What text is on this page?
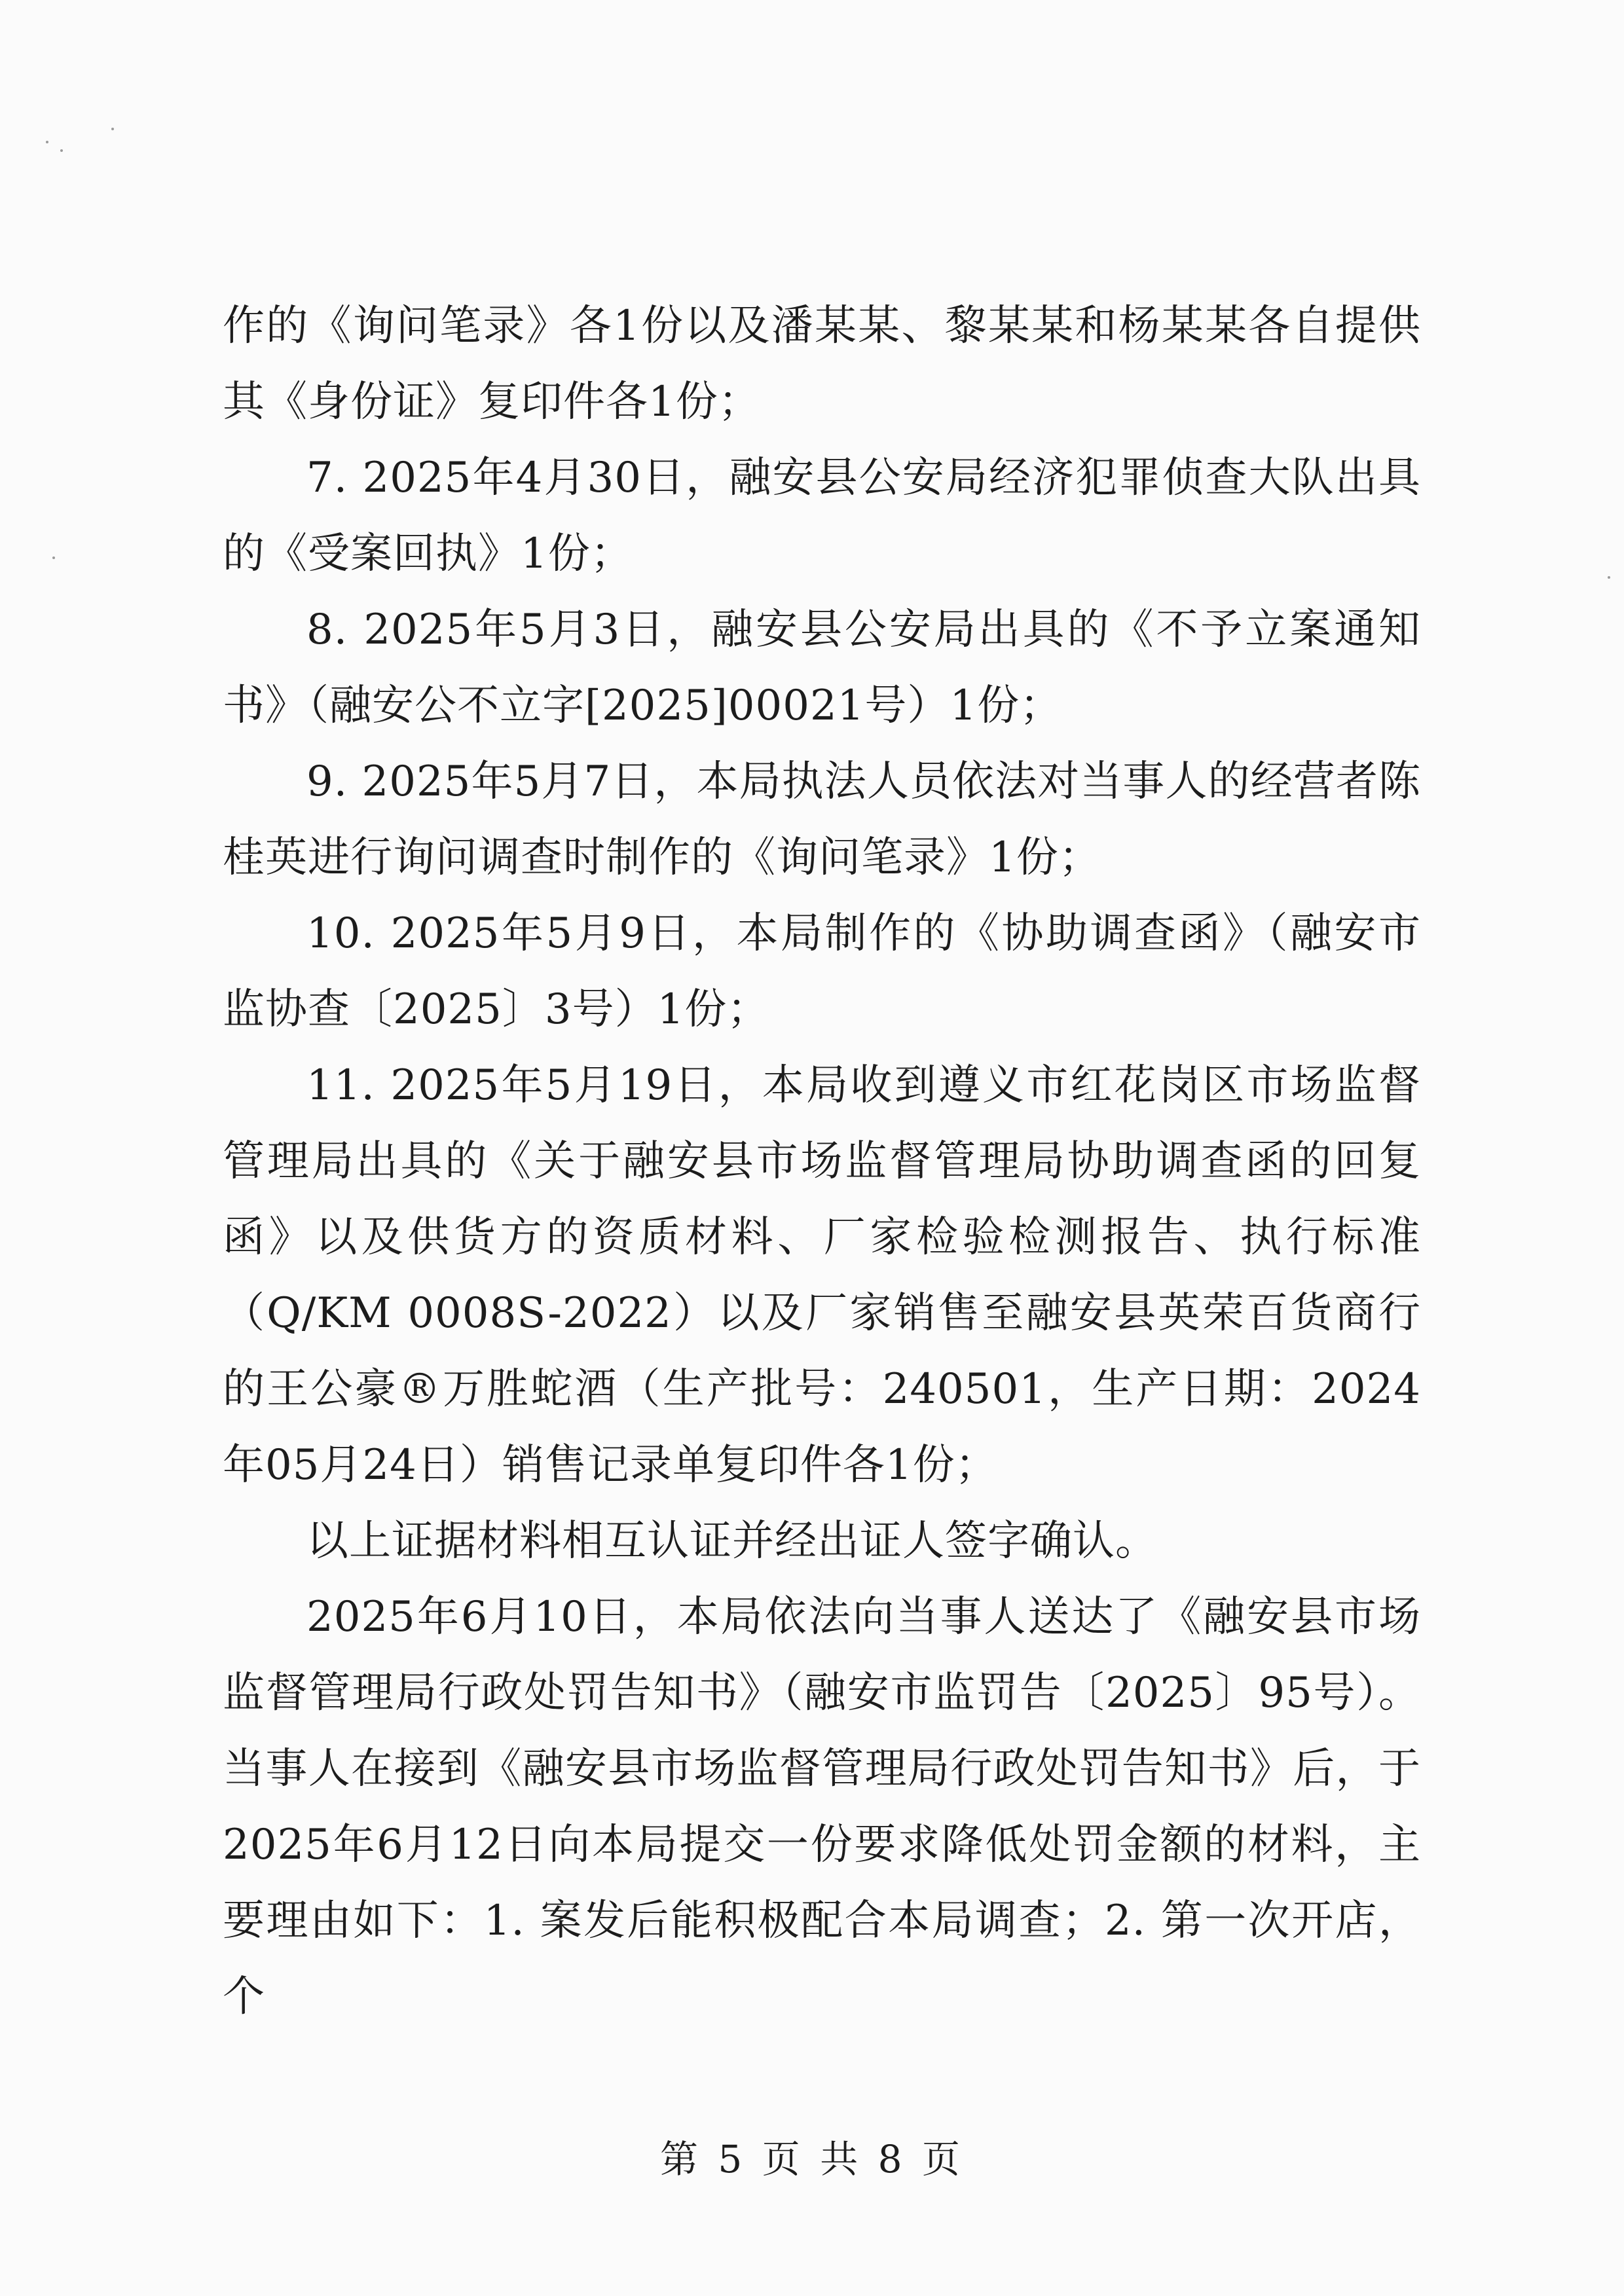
作的《询问笔录》各1份以及潘某某、黎某某和杨某某各自提供其《身份证》复印件各1份；

7. 2025年4月30日，融安县公安局经济犯罪侦查大队出具的《受案回执》1份；

8. 2025年5月3日，融安县公安局出具的《不予立案通知书》（融安公不立字[2025]00021号）1份；

9. 2025年5月7日，本局执法人员依法对当事人的经营者陈桂英进行询问调查时制作的《询问笔录》1份；

10. 2025年5月9日，本局制作的《协助调查函》（融安市监协查〔2025〕3号）1份；

11. 2025年5月19日，本局收到遵义市红花岗区市场监督管理局出具的《关于融安县市场监督管理局协助调查函的回复函》以及供货方的资质材料、厂家检验检测报告、执行标准（Q/KM 0008S-2022）以及厂家销售至融安县英荣百货商行的王公豪®万胜蛇酒（生产批号：240501，生产日期：2024年05月24日）销售记录单复印件各1份；

以上证据材料相互认证并经出证人签字确认。

2025年6月10日，本局依法向当事人送达了《融安县市场监督管理局行政处罚告知书》（融安市监罚告〔2025〕95号）。当事人在接到《融安县市场监督管理局行政处罚告知书》后，于2025年6月12日向本局提交一份要求降低处罚金额的材料，主要理由如下：1. 案发后能积极配合本局调查；2. 第一次开店，个

第 5 页 共 8 页
